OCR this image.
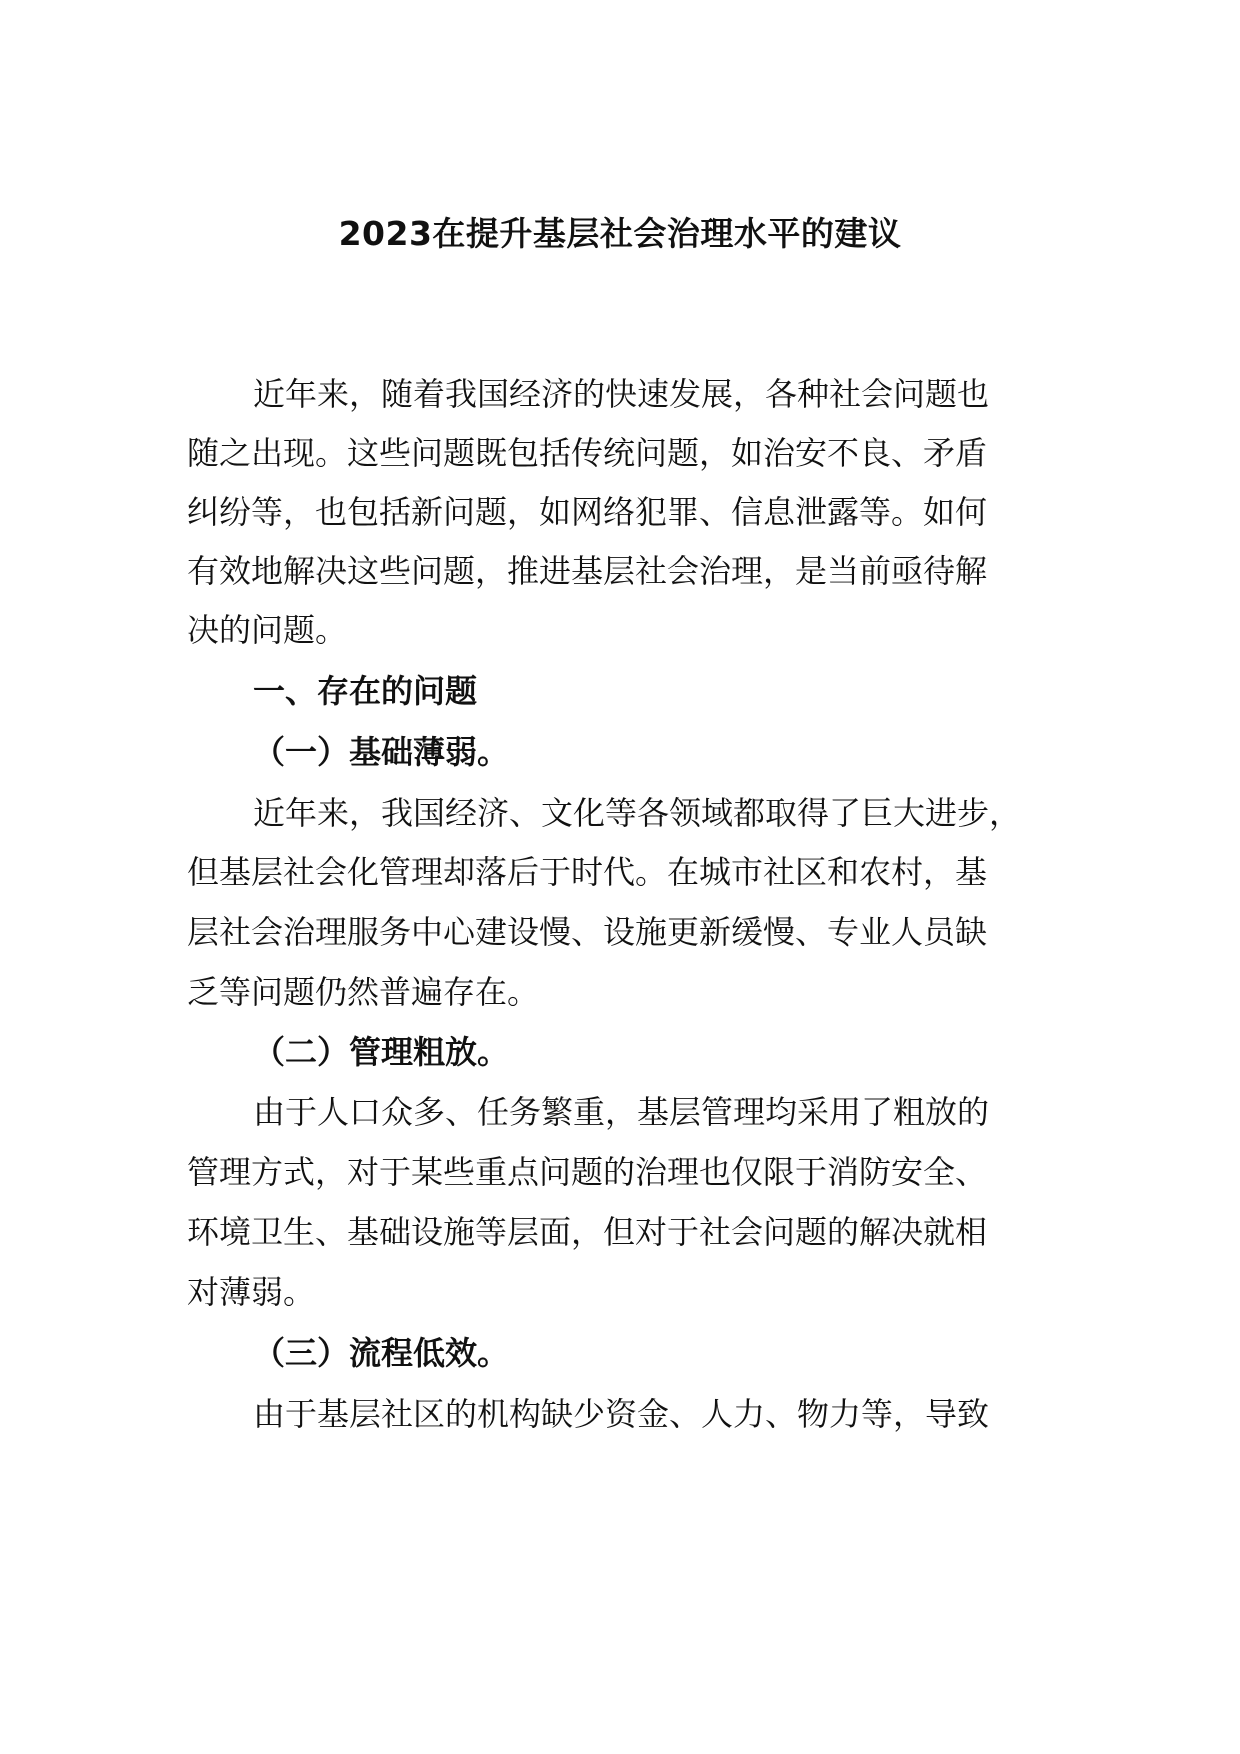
2023在提升基层社会治理水平的建议
近年来，随着我国经济的快速发展，各种社会问题也
随之出现。这些问题既包括传统问题，如治安不良、矛盾
纠纷等，也包括新问题，如网络犯罪、信息泄露等。如何
有效地解决这些问题，推进基层社会治理，是当前亟待解
决的问题。
一、存在的问题
（一）基础薄弱。
近年来，我国经济、文化等各领域都取得了巨大进步，
但基层社会化管理却落后于时代。在城市社区和农村，基
层社会治理服务中心建设慢、设施更新缓慢、专业人员缺
乏等问题仍然普遍存在。
（二）管理粗放。
由于人口众多、任务繁重，基层管理均采用了粗放的
管理方式，对于某些重点问题的治理也仅限于消防安全、
环境卫生、基础设施等层面，但对于社会问题的解决就相
对薄弱。
（三）流程低效。
由于基层社区的机构缺少资金、人力、物力等，导致
